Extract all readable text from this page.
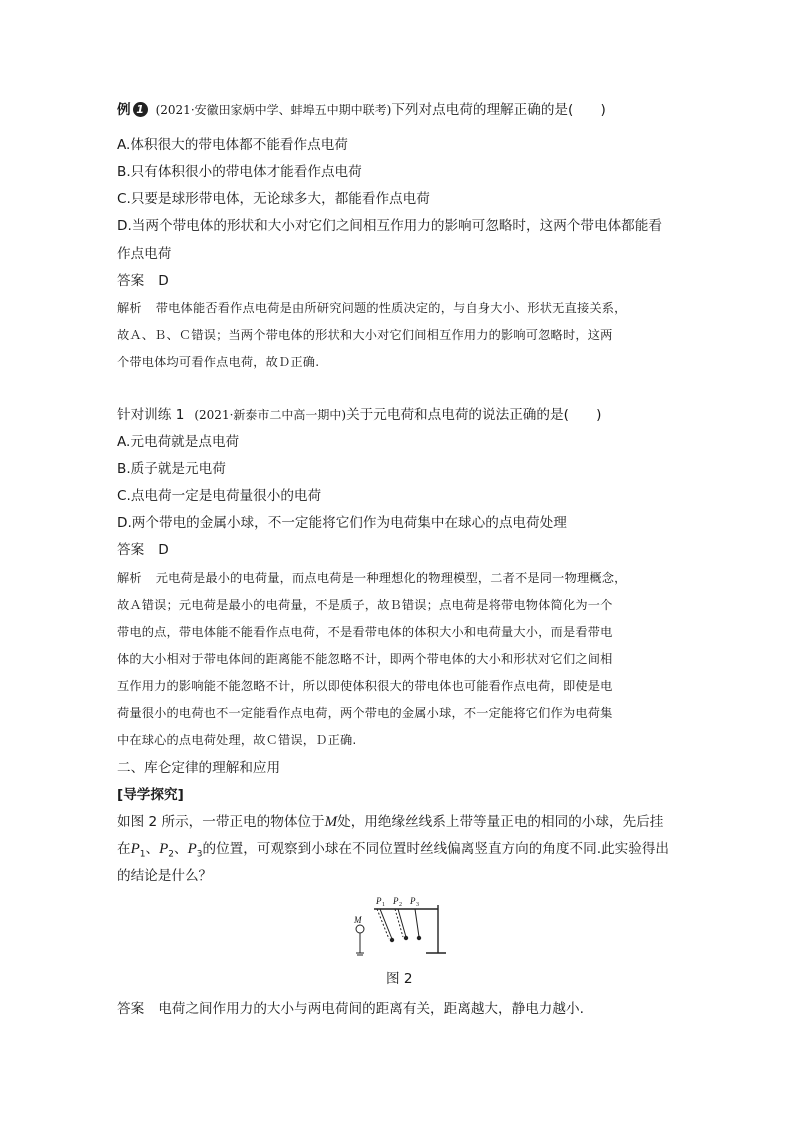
例 1 (2021·安徽田家炳中学、蚌埠五中期中联考)下列对点电荷的理解正确的是(　　)
A.体积很大的带电体都不能看作点电荷
B.只有体积很小的带电体才能看作点电荷
C.只要是球形带电体，无论球多大，都能看作点电荷
D.当两个带电体的形状和大小对它们之间相互作用力的影响可忽略时，这两个带电体都能看
作点电荷
答案 D
解析 带电体能否看作点电荷是由所研究问题的性质决定的，与自身大小、形状无直接关系，
故Ａ、Ｂ、Ｃ错误；当两个带电体的形状和大小对它们间相互作用力的影响可忽略时，这两
个带电体均可看作点电荷，故Ｄ正确.
针对训练 1 (2021·新泰市二中高一期中)关于元电荷和点电荷的说法正确的是(　　)
A.元电荷就是点电荷
B.质子就是元电荷
C.点电荷一定是电荷量很小的电荷
D.两个带电的金属小球，不一定能将它们作为电荷集中在球心的点电荷处理
答案 D
解析 元电荷是最小的电荷量，而点电荷是一种理想化的物理模型，二者不是同一物理概念，
故Ａ错误；元电荷是最小的电荷量，不是质子，故Ｂ错误；点电荷是将带电物体简化为一个
带电的点，带电体能不能看作点电荷，不是看带电体的体积大小和电荷量大小，而是看带电
体的大小相对于带电体间的距离能不能忽略不计，即两个带电体的大小和形状对它们之间相
互作用力的影响能不能忽略不计，所以即使体积很大的带电体也可能看作点电荷，即使是电
荷量很小的电荷也不一定能看作点电荷，两个带电的金属小球，不一定能将它们作为电荷集
中在球心的点电荷处理，故Ｃ错误，Ｄ正确.
二、库仑定律的理解和应用
[导学探究]
如图 2 所示，一带正电的物体位于M处，用绝缘丝线系上带等量正电的相同的小球，先后挂
在$P_1$、$P_2$、$P_3$的位置，可观察到小球在不同位置时丝线偏离竖直方向的角度不同.此实验得出
的结论是什么？
P 1 P 2 P 3
M
图 2
答案 电荷之间作用力的大小与两电荷间的距离有关，距离越大，静电力越小.
